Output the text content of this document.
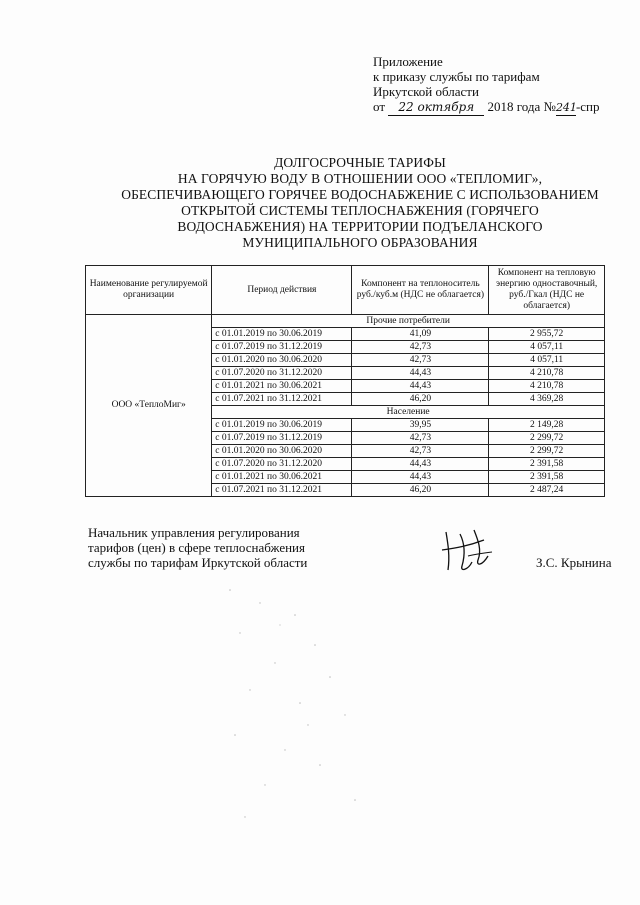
Приложение
к приказу службы по тарифам
Иркутской области
от 22 октября 2018 года №241-спр
ДОЛГОСРОЧНЫЕ ТАРИФЫ
НА ГОРЯЧУЮ ВОДУ В ОТНОШЕНИИ ООО «ТЕПЛОМИГ»,
ОБЕСПЕЧИВАЮЩЕГО ГОРЯЧЕЕ ВОДОСНАБЖЕНИЕ С ИСПОЛЬЗОВАНИЕМ
ОТКРЫТОЙ СИСТЕМЫ ТЕПЛОСНАБЖЕНИЯ (ГОРЯЧЕГО
ВОДОСНАБЖЕНИЯ) НА ТЕРРИТОРИИ ПОДЪЕЛАНСКОГО
МУНИЦИПАЛЬНОГО ОБРАЗОВАНИЯ
Наименование регулируемой организации	Период действия	Компонент на теплоноситель руб./куб.м (НДС не облагается)	Компонент на тепловую энергию одноставочный, руб./Гкал (НДС не облагается)
ООО «ТеплоМиг»	Прочие потребители		
	с 01.01.2019 по 30.06.2019	41,09	2 955,72
	с 01.07.2019 по 31.12.2019	42,73	4 057,11
	с 01.01.2020 по 30.06.2020	42,73	4 057,11
	с 01.07.2020 по 31.12.2020	44,43	4 210,78
	с 01.01.2021 по 30.06.2021	44,43	4 210,78
	с 01.07.2021 по 31.12.2021	46,20	4 369,28
	Население		
	с 01.01.2019 по 30.06.2019	39,95	2 149,28
	с 01.07.2019 по 31.12.2019	42,73	2 299,72
	с 01.01.2020 по 30.06.2020	42,73	2 299,72
	с 01.07.2020 по 31.12.2020	44,43	2 391,58
	с 01.01.2021 по 30.06.2021	44,43	2 391,58
	с 01.07.2021 по 31.12.2021	46,20	2 487,24
Начальник управления регулирования
тарифов (цен) в сфере теплоснабжения
службы по тарифам Иркутской области	З.С. Крынина
